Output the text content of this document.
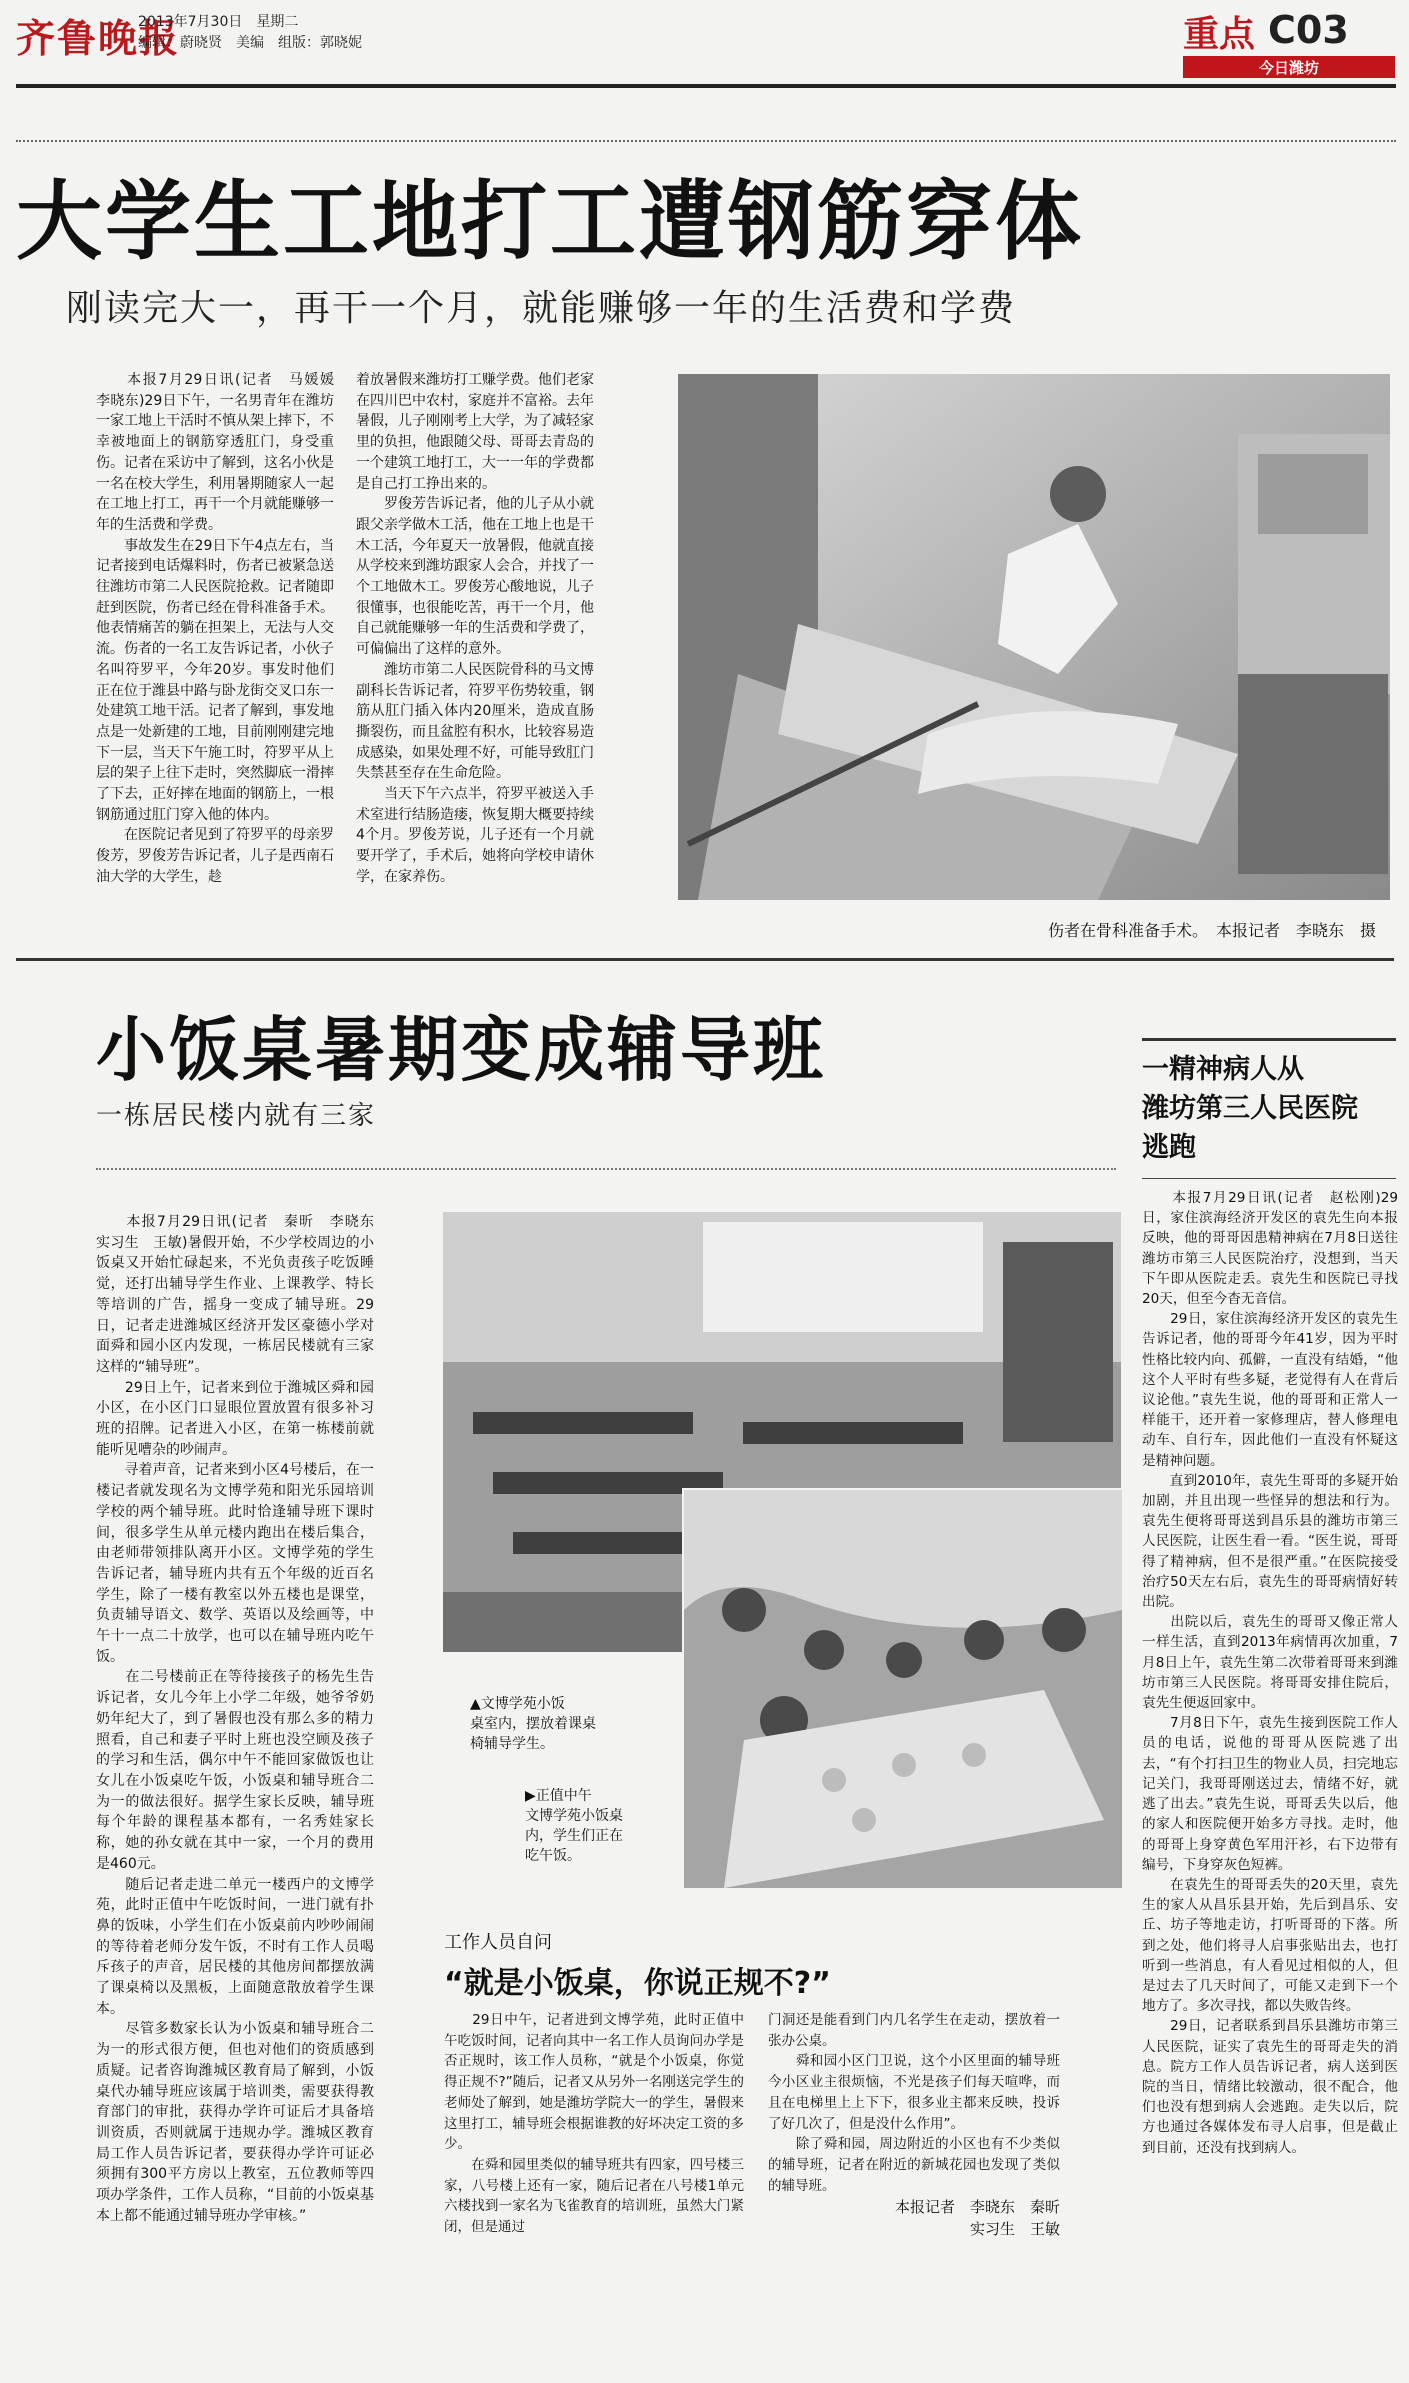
齐鲁晚报
2013年7月30日　星期二
编辑：蔚晓贤　美编　组版：郭晓妮	重点 C03
今日潍坊
大学生工地打工遭钢筋穿体
刚读完大一，再干一个月，就能赚够一年的生活费和学费

　　本报7月29日讯(记者　马媛媛　李晓东)29日下午，一名男青年在潍坊一家工地上干活时不慎从架上摔下，不幸被地面上的钢筋穿透肛门，身受重伤。记者在采访中了解到，这名小伙是一名在校大学生，利用暑期随家人一起在工地上打工，再干一个月就能赚够一年的生活费和学费。
　　事故发生在29日下午4点左右，当记者接到电话爆料时，伤者已被紧急送往潍坊市第二人民医院抢救。记者随即赶到医院，伤者已经在骨科准备手术。他表情痛苦的躺在担架上，无法与人交流。伤者的一名工友告诉记者，小伙子名叫符罗平，今年20岁。事发时他们正在位于潍县中路与卧龙街交叉口东一处建筑工地干活。记者了解到，事发地点是一处新建的工地，目前刚刚建完地下一层，当天下午施工时，符罗平从上层的架子上往下走时，突然脚底一滑摔了下去，正好摔在地面的钢筋上，一根钢筋通过肛门穿入他的体内。
　　在医院记者见到了符罗平的母亲罗俊芳，罗俊芳告诉记者，儿子是西南石油大学的大学生，趁

着放暑假来潍坊打工赚学费。他们老家在四川巴中农村，家庭并不富裕。去年暑假，儿子刚刚考上大学，为了减轻家里的负担，他跟随父母、哥哥去青岛的一个建筑工地打工，大一一年的学费都是自己打工挣出来的。
　　罗俊芳告诉记者，他的儿子从小就跟父亲学做木工活，他在工地上也是干木工活，今年夏天一放暑假，他就直接从学校来到潍坊跟家人会合，并找了一个工地做木工。罗俊芳心酸地说，儿子很懂事，也很能吃苦，再干一个月，他自己就能赚够一年的生活费和学费了，可偏偏出了这样的意外。
　　潍坊市第二人民医院骨科的马文博副科长告诉记者，符罗平伤势较重，钢筋从肛门插入体内20厘米，造成直肠撕裂伤，而且盆腔有积水，比较容易造成感染，如果处理不好，可能导致肛门失禁甚至存在生命危险。
　　当天下午六点半，符罗平被送入手术室进行结肠造瘘，恢复期大概要持续4个月。罗俊芳说，儿子还有一个月就要开学了，手术后，她将向学校申请休学，在家养伤。

伤者在骨科准备手术。　本报记者　李晓东　摄
小饭桌暑期变成辅导班
一栋居民楼内就有三家

　　本报7月29日讯(记者　秦昕　李晓东　实习生　王敏)暑假开始，不少学校周边的小饭桌又开始忙碌起来，不光负责孩子吃饭睡觉，还打出辅导学生作业、上课教学、特长等培训的广告，摇身一变成了辅导班。29日，记者走进潍城区经济开发区豪德小学对面舜和园小区内发现，一栋居民楼就有三家这样的“辅导班”。
　　29日上午，记者来到位于潍城区舜和园小区，在小区门口显眼位置放置有很多补习班的招牌。记者进入小区，在第一栋楼前就能听见嘈杂的吵闹声。
　　寻着声音，记者来到小区4号楼后，在一楼记者就发现名为文博学苑和阳光乐园培训学校的两个辅导班。此时恰逢辅导班下课时间，很多学生从单元楼内跑出在楼后集合，由老师带领排队离开小区。文博学苑的学生告诉记者，辅导班内共有五个年级的近百名学生，除了一楼有教室以外五楼也是课堂，负责辅导语文、数学、英语以及绘画等，中午十一点二十放学，也可以在辅导班内吃午饭。
　　在二号楼前正在等待接孩子的杨先生告诉记者，女儿今年上小学二年级，她爷爷奶奶年纪大了，到了暑假也没有那么多的精力照看，自己和妻子平时上班也没空顾及孩子的学习和生活，偶尔中午不能回家做饭也让女儿在小饭桌吃午饭，小饭桌和辅导班合二为一的做法很好。据学生家长反映，辅导班每个年龄的课程基本都有，一名秀娃家长称，她的孙女就在其中一家，一个月的费用是460元。
　　随后记者走进二单元一楼西户的文博学苑，此时正值中午吃饭时间，一进门就有扑鼻的饭味，小学生们在小饭桌前内吵吵闹闹的等待着老师分发午饭，不时有工作人员喝斥孩子的声音，居民楼的其他房间都摆放满了课桌椅以及黑板，上面随意散放着学生课本。
　　尽管多数家长认为小饭桌和辅导班合二为一的形式很方便，但也对他们的资质感到质疑。记者咨询潍城区教育局了解到，小饭桌代办辅导班应该属于培训类，需要获得教育部门的审批，获得办学许可证后才具备培训资质，否则就属于违规办学。潍城区教育局工作人员告诉记者，要获得办学许可证必须拥有300平方房以上教室，五位教师等四项办学条件，工作人员称，“目前的小饭桌基本上都不能通过辅导班办学审核。”

▲文博学苑小饭
桌室内，摆放着课桌
椅辅导学生。
▶正值中午
文博学苑小饭桌
内，学生们正在
吃午饭。
工作人员自问
“就是小饭桌，你说正规不?”

　　29日中午，记者进到文博学苑，此时正值中午吃饭时间，记者向其中一名工作人员询问办学是否正规时，该工作人员称，“就是个小饭桌，你觉得正规不?”随后，记者又从另外一名刚送完学生的老师处了解到，她是潍坊学院大一的学生，暑假来这里打工，辅导班会根据谁教的好坏决定工资的多少。
　　在舜和园里类似的辅导班共有四家，四号楼三家，八号楼上还有一家，随后记者在八号楼1单元六楼找到一家名为飞雀教育的培训班，虽然大门紧闭，但是通过

门洞还是能看到门内几名学生在走动，摆放着一张办公桌。
　　舜和园小区门卫说，这个小区里面的辅导班今小区业主很烦恼，不光是孩子们每天喧哗，而且在电梯里上上下下，很多业主都来反映，投诉了好几次了，但是没什么作用”。
　　除了舜和园，周边附近的小区也有不少类似的辅导班，记者在附近的新城花园也发现了类似的辅导班。

本报记者　李晓东　秦昕
实习生　王敏
一精神病人从
潍坊第三人民医院
逃跑

　　本报7月29日讯(记者　赵松刚)29日，家住滨海经济开发区的袁先生向本报反映，他的哥哥因患精神病在7月8日送往潍坊市第三人民医院治疗，没想到，当天下午即从医院走丢。袁先生和医院已寻找20天，但至今杳无音信。
　　29日，家住滨海经济开发区的袁先生告诉记者，他的哥哥今年41岁，因为平时性格比较内向、孤僻，一直没有结婚，“他这个人平时有些多疑，老觉得有人在背后议论他。”袁先生说，他的哥哥和正常人一样能干，还开着一家修理店，替人修理电动车、自行车，因此他们一直没有怀疑这是精神问题。
　　直到2010年，袁先生哥哥的多疑开始加剧，并且出现一些怪异的想法和行为。袁先生便将哥哥送到昌乐县的潍坊市第三人民医院，让医生看一看。“医生说，哥哥得了精神病，但不是很严重。”在医院接受治疗50天左右后，袁先生的哥哥病情好转出院。
　　出院以后，袁先生的哥哥又像正常人一样生活，直到2013年病情再次加重，7月8日上午，袁先生第二次带着哥哥来到潍坊市第三人民医院。将哥哥安排住院后，袁先生便返回家中。
　　7月8日下午，袁先生接到医院工作人员的电话，说他的哥哥从医院逃了出去，“有个打扫卫生的物业人员，扫完地忘记关门，我哥哥刚送过去，情绪不好，就逃了出去。”袁先生说，哥哥丢失以后，他的家人和医院便开始多方寻找。走时，他的哥哥上身穿黄色军用汗衫，右下边带有编号，下身穿灰色短裤。
　　在袁先生的哥哥丢失的20天里，袁先生的家人从昌乐县开始，先后到昌乐、安丘、坊子等地走访，打听哥哥的下落。所到之处，他们将寻人启事张贴出去，也打听到一些消息，有人看见过相似的人，但是过去了几天时间了，可能又走到下一个地方了。多次寻找，都以失败告终。
　　29日，记者联系到昌乐县潍坊市第三人民医院，证实了袁先生的哥哥走失的消息。院方工作人员告诉记者，病人送到医院的当日，情绪比较激动，很不配合，他们也没有想到病人会逃跑。走失以后，院方也通过各媒体发布寻人启事，但是截止到目前，还没有找到病人。
